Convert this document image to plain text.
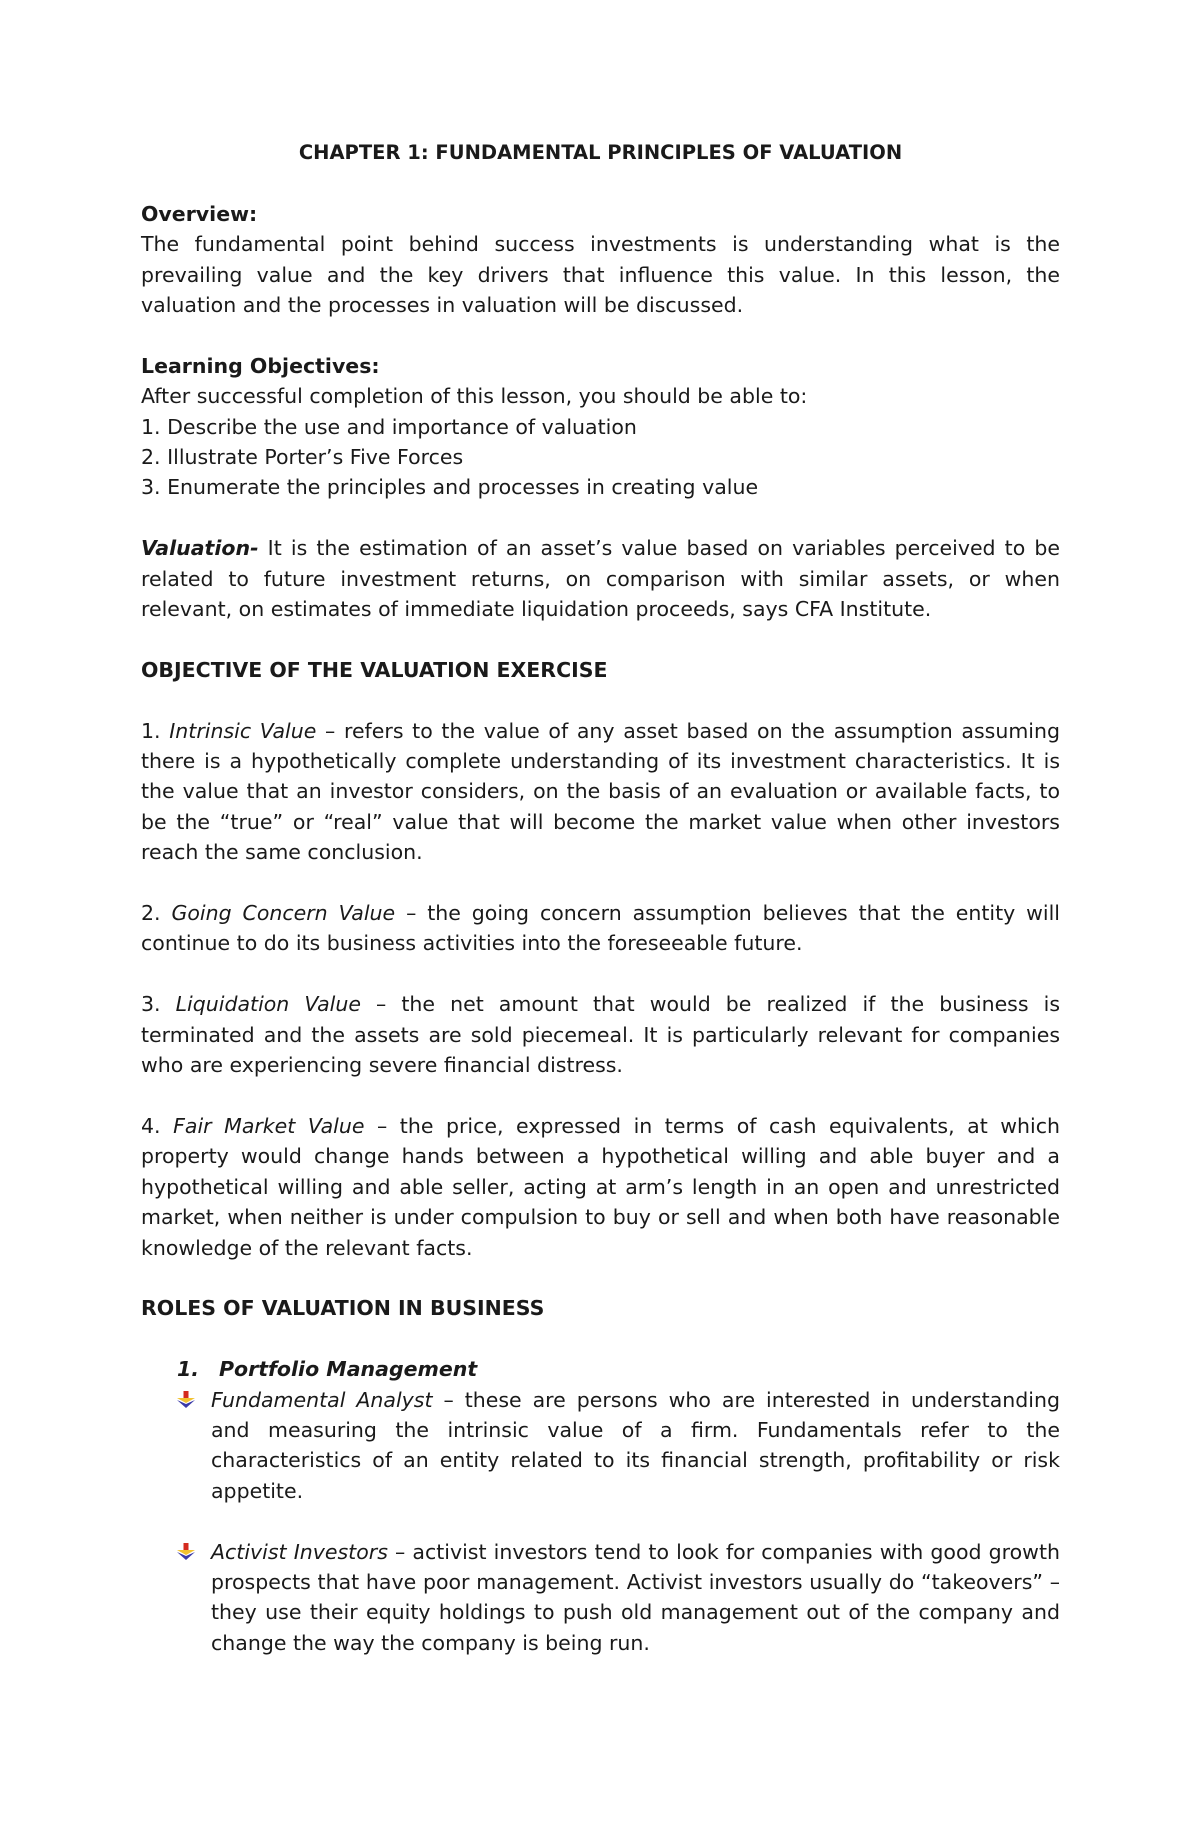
CHAPTER 1: FUNDAMENTAL PRINCIPLES OF VALUATION
Overview:
The fundamental point behind success investments is understanding what is the prevailing value and the key drivers that influence this value. In this lesson, the valuation and the processes in valuation will be discussed.
Learning Objectives:
After successful completion of this lesson, you should be able to:
1. Describe the use and importance of valuation
2. Illustrate Porter’s Five Forces
3. Enumerate the principles and processes in creating value
Valuation- It is the estimation of an asset’s value based on variables perceived to be related to future investment returns, on comparison with similar assets, or when relevant, on estimates of immediate liquidation proceeds, says CFA Institute.
OBJECTIVE OF THE VALUATION EXERCISE
1. Intrinsic Value – refers to the value of any asset based on the assumption assuming there is a hypothetically complete understanding of its investment characteristics. It is the value that an investor considers, on the basis of an evaluation or available facts, to be the “true” or “real” value that will become the market value when other investors reach the same conclusion.
2. Going Concern Value – the going concern assumption believes that the entity will continue to do its business activities into the foreseeable future.
3. Liquidation Value – the net amount that would be realized if the business is terminated and the assets are sold piecemeal. It is particularly relevant for companies who are experiencing severe financial distress.
4. Fair Market Value – the price, expressed in terms of cash equivalents, at which property would change hands between a hypothetical willing and able buyer and a hypothetical willing and able seller, acting at arm’s length in an open and unrestricted market, when neither is under compulsion to buy or sell and when both have reasonable knowledge of the relevant facts.
ROLES OF VALUATION IN BUSINESS
1. Portfolio Management
Fundamental Analyst – these are persons who are interested in understanding and measuring the intrinsic value of a firm. Fundamentals refer to the characteristics of an entity related to its financial strength, profitability or risk appetite.
Activist Investors – activist investors tend to look for companies with good growth prospects that have poor management. Activist investors usually do “takeovers” – they use their equity holdings to push old management out of the company and change the way the company is being run.
